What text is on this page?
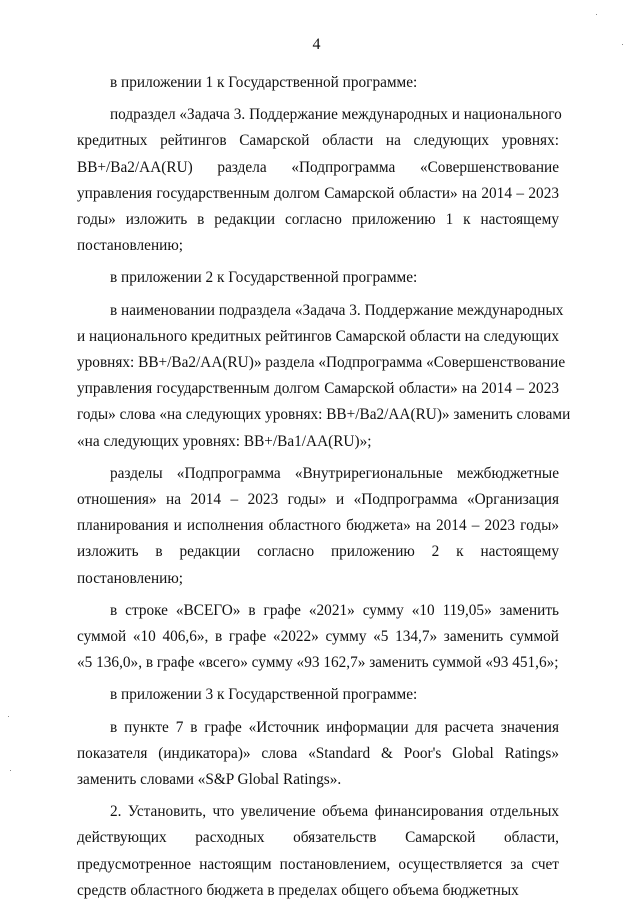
4

в приложении 1 к Государственной программе:

подраздел «Задача 3. Поддержание международных и национального
кредитных рейтингов Самарской области на следующих уровнях:
BB+/Ba2/AA(RU) раздела «Подпрограмма «Совершенствование
управления государственным долгом Самарской области» на 2014 – 2023
годы» изложить в редакции согласно приложению 1 к настоящему
постановлению;

в приложении 2 к Государственной программе:

в наименовании подраздела «Задача 3. Поддержание международных
и национального кредитных рейтингов Самарской области на следующих
уровнях: BB+/Ba2/AA(RU)» раздела «Подпрограмма «Совершенствование
управления государственным долгом Самарской области» на 2014 – 2023
годы» слова «на следующих уровнях: BB+/Ba2/AA(RU)» заменить словами
«на следующих уровнях: BB+/Ba1/AA(RU)»;

разделы «Подпрограмма «Внутрирегиональные межбюджетные
отношения» на 2014 – 2023 годы» и «Подпрограмма «Организация
планирования и исполнения областного бюджета» на 2014 – 2023 годы»
изложить в редакции согласно приложению 2 к настоящему
постановлению;

в строке «ВСЕГО» в графе «2021» сумму «10 119,05» заменить
суммой «10 406,6», в графе «2022» сумму «5 134,7» заменить суммой
«5 136,0», в графе «всего» сумму «93 162,7» заменить суммой «93 451,6»;

в приложении 3 к Государственной программе:

в пункте 7 в графе «Источник информации для расчета значения
показателя (индикатора)» слова «Standard & Poor's Global Ratings»
заменить словами «S&P Global Ratings».

2. Установить, что увеличение объема финансирования отдельных
действующих расходных обязательств Самарской области,
предусмотренное настоящим постановлением, осуществляется за счет
средств областного бюджета в пределах общего объема бюджетных
